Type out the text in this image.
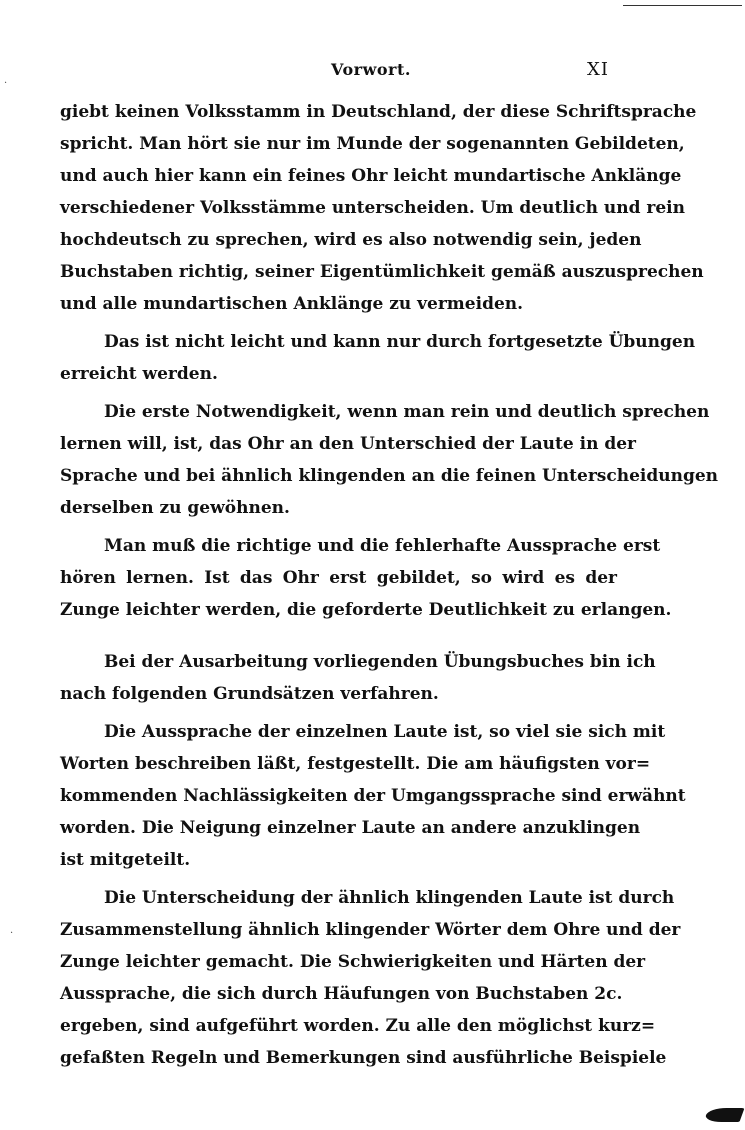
Vorwort.	XI
·
·
giebt keinen Volksstamm in Deutschland, der diese Schriftsprache
spricht. Man hört sie nur im Munde der sogenannten Gebildeten,
und auch hier kann ein feines Ohr leicht mundartische Anklänge
verschiedener Volksstämme unterscheiden. Um deutlich und rein
hochdeutsch zu sprechen, wird es also notwendig sein, jeden
Buchstaben richtig, seiner Eigentümlichkeit gemäß auszusprechen
und alle mundartischen Anklänge zu vermeiden.
Das ist nicht leicht und kann nur durch fortgesetzte Übungen
erreicht werden.
Die erste Notwendigkeit, wenn man rein und deutlich sprechen
lernen will, ist, das Ohr an den Unterschied der Laute in der
Sprache und bei ähnlich klingenden an die feinen Unterscheidungen
derselben zu gewöhnen.
Man muß die richtige und die fehlerhafte Aussprache erst
hören lernen. Ist das Ohr erst gebildet, so wird es der
Zunge leichter werden, die geforderte Deutlichkeit zu erlangen.
Bei der Ausarbeitung vorliegenden Übungsbuches bin ich
nach folgenden Grundsätzen verfahren.
Die Aussprache der einzelnen Laute ist, so viel sie sich mit
Worten beschreiben läßt, festgestellt. Die am häufigsten vor=
kommenden Nachlässigkeiten der Umgangssprache sind erwähnt
worden. Die Neigung einzelner Laute an andere anzuklingen
ist mitgeteilt.
Die Unterscheidung der ähnlich klingenden Laute ist durch
Zusammenstellung ähnlich klingender Wörter dem Ohre und der
Zunge leichter gemacht. Die Schwierigkeiten und Härten der
Aussprache, die sich durch Häufungen von Buchstaben 2c.
ergeben, sind aufgeführt worden. Zu alle den möglichst kurz=
gefaßten Regeln und Bemerkungen sind ausführliche Beispiele
